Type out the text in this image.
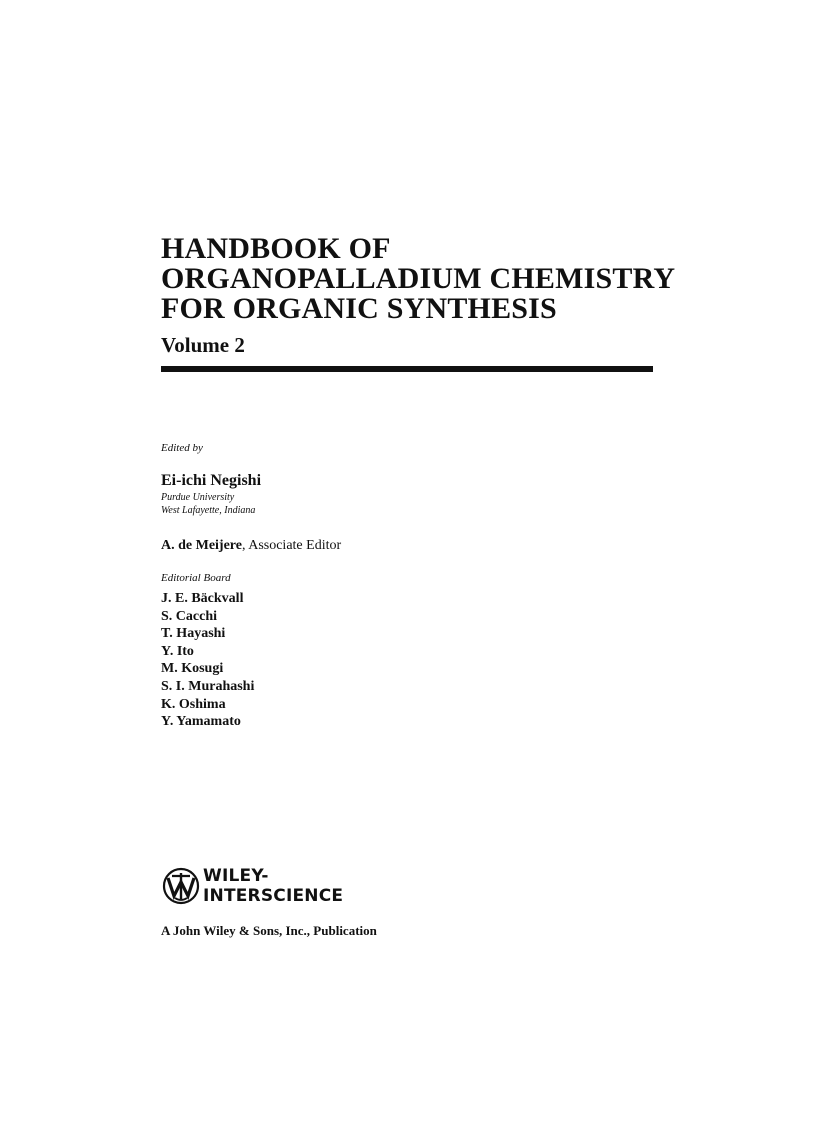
HANDBOOK OF

ORGANOPALLADIUM CHEMISTRY

FOR ORGANIC SYNTHESIS

Volume 2
Edited by
Ei-ichi Negishi
Purdue University
West Lafayette, Indiana
A. de Meijere, Associate Editor
Editorial Board
J. E. Bäckvall
S. Cacchi
T. Hayashi
Y. Ito
M. Kosugi
S. I. Murahashi
K. Oshima
Y. Yamamato
WILEY-
INTERSCIENCE
A John Wiley & Sons, Inc., Publication
